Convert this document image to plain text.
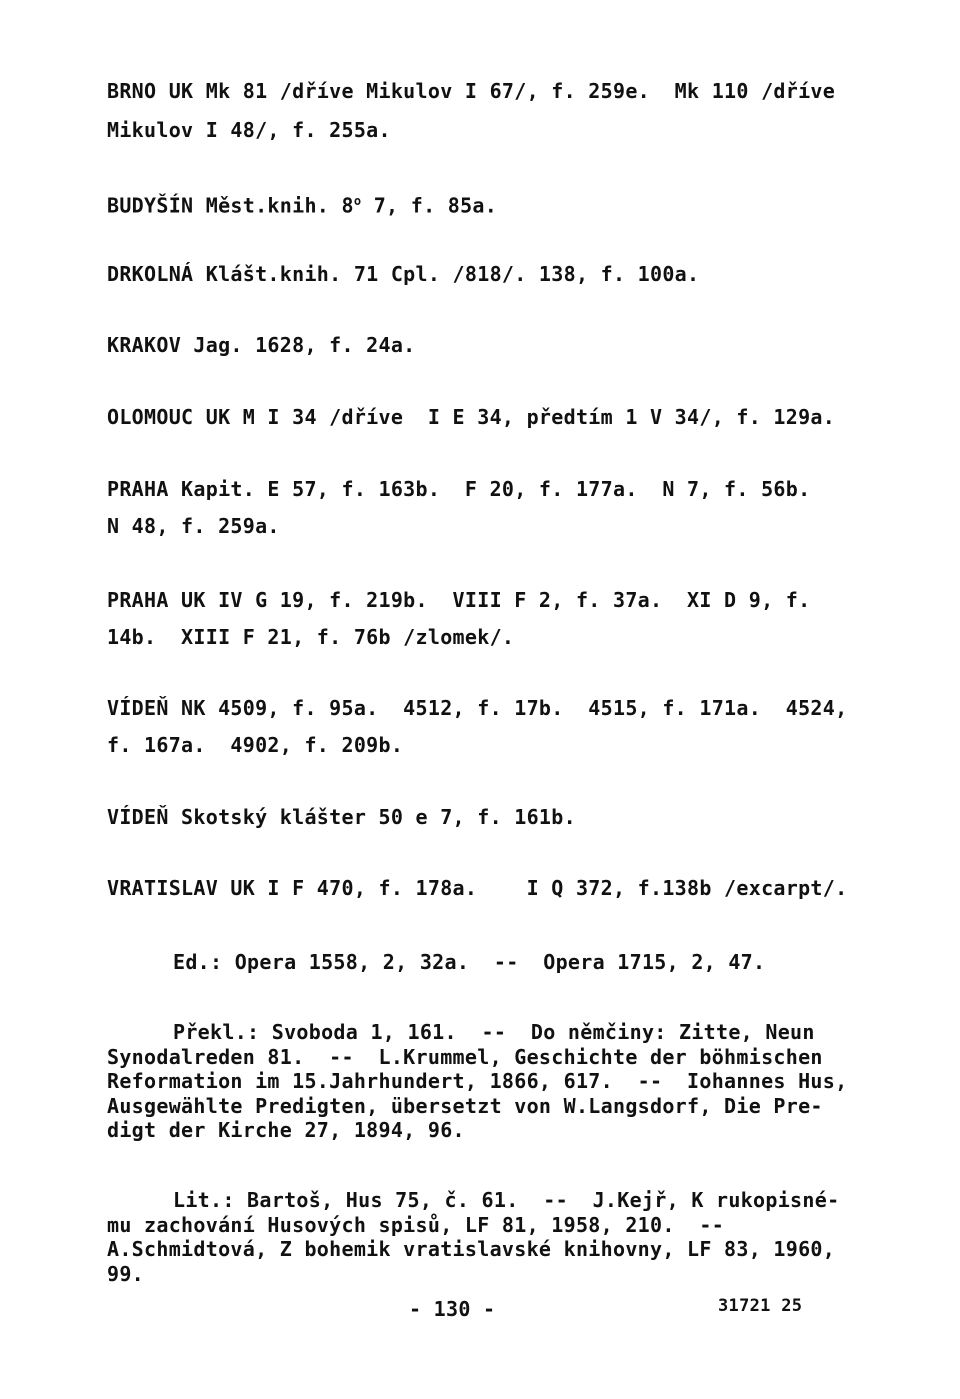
BRNO UK Mk 81 /dříve Mikulov I 67/, f. 259e.  Mk 110 /dříve
Mikulov I 48/, f. 255a.
BUDYŠÍN Měst.knih. 8$^o$ 7, f. 85a.
DRKOLNÁ Klášt.knih. 71 Cpl. /818/. 138, f. 100a.
KRAKOV Jag. 1628, f. 24a.
OLOMOUC UK M I 34 /dříve  I E 34, předtím 1 V 34/, f. 129a.
PRAHA Kapit. E 57, f. 163b.  F 20, f. 177a.  N 7, f. 56b.
N 48, f. 259a.
PRAHA UK IV G 19, f. 219b.  VIII F 2, f. 37a.  XI D 9, f.
14b.  XIII F 21, f. 76b /zlomek/.
VÍDEŇ NK 4509, f. 95a.  4512, f. 17b.  4515, f. 171a.  4524,
f. 167a.  4902, f. 209b.
VÍDEŇ Skotský klášter 50 e 7, f. 161b.
VRATISLAV UK I F 470, f. 178a.    I Q 372, f.138b /excarpt/.
Ed.: Opera 1558, 2, 32a.  --  Opera 1715, 2, 47.
Překl.: Svoboda 1, 161.  --  Do němčiny: Zitte, Neun
Synodalreden 81.  --  L.Krummel, Geschichte der böhmischen
Reformation im 15.Jahrhundert, 1866, 617.  --  Iohannes Hus,
Ausgewählte Predigten, übersetzt von W.Langsdorf, Die Pre-
digt der Kirche 27, 1894, 96.
Lit.: Bartoš, Hus 75, č. 61.  --  J.Kejř, K rukopisné-
mu zachování Husových spisů, LF 81, 1958, 210.  --
A.Schmidtová, Z bohemik vratislavské knihovny, LF 83, 1960,
99.
- 130 -	31721 25
